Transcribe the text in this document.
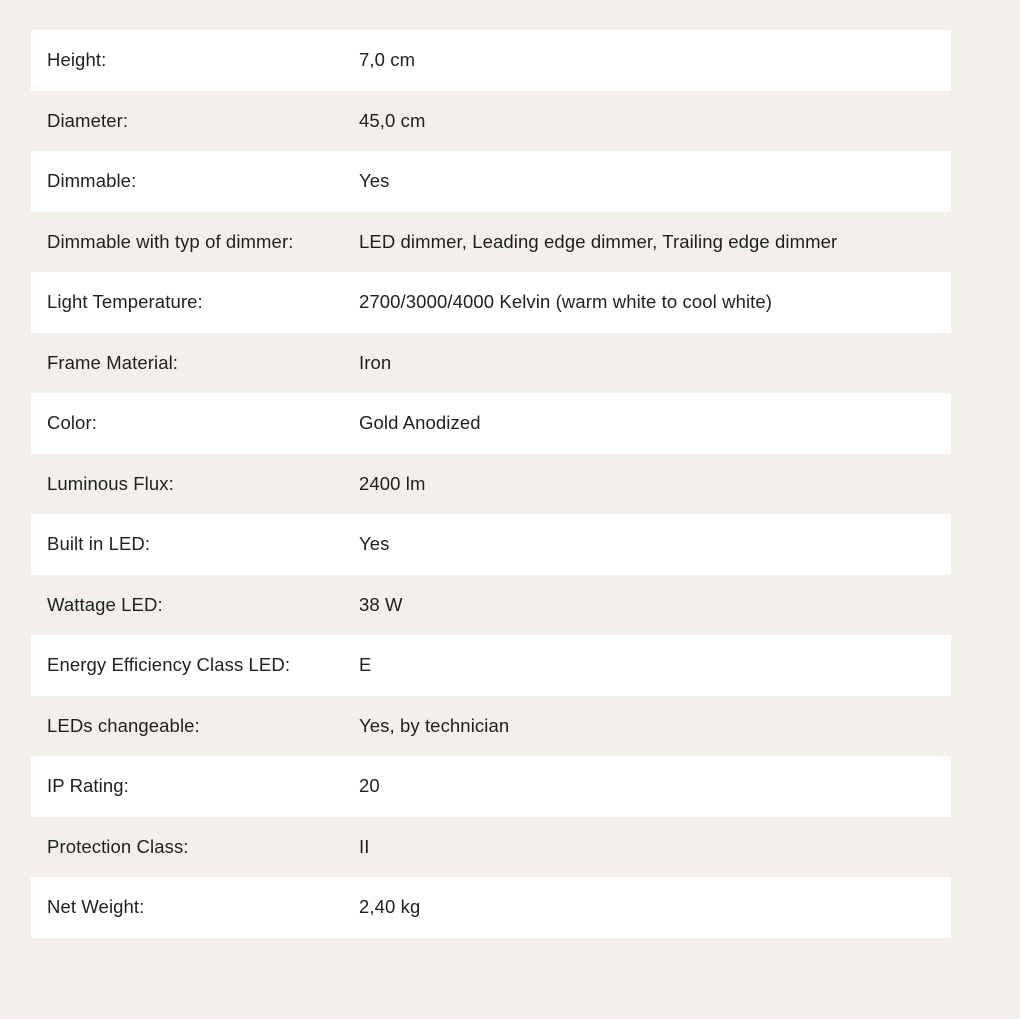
Height:	7,0 cm
Diameter:	45,0 cm
Dimmable:	Yes
Dimmable with typ of dimmer:	LED dimmer, Leading edge dimmer, Trailing edge dimmer
Light Temperature:	2700/3000/4000 Kelvin (warm white to cool white)
Frame Material:	Iron
Color:	Gold Anodized
Luminous Flux:	2400 lm
Built in LED:	Yes
Wattage LED:	38 W
Energy Efficiency Class LED:	E
LEDs changeable:	Yes, by technician
IP Rating:	20
Protection Class:	II
Net Weight:	2,40 kg
